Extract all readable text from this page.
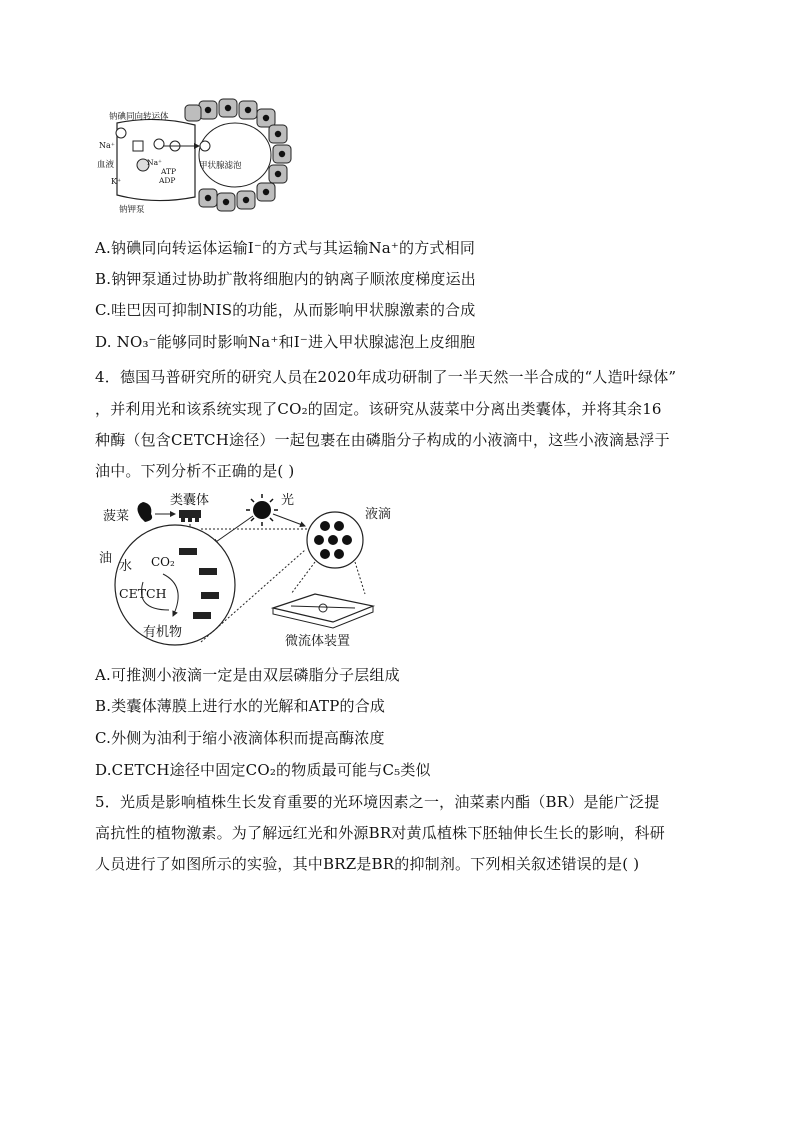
钠碘同向转运体
Na⁺
血液	Na⁺
ATP
ADP
K⁺
甲状腺滤泡
钠钾泵
A.钠碘同向转运体运输I⁻的方式与其运输Na⁺的方式相同
B.钠钾泵通过协助扩散将细胞内的钠离子顺浓度梯度运出
C.哇巴因可抑制NIS的功能，从而影响甲状腺激素的合成
D. NO₃⁻能够同时影响Na⁺和I⁻进入甲状腺滤泡上皮细胞
4．德国马普研究所的研究人员在2020年成功研制了一半天然一半合成的“人造叶绿体”
，并利用光和该系统实现了CO₂的固定。该研究从菠菜中分离出类囊体，并将其余16
种酶（包含CETCH途径）一起包裹在由磷脂分子构成的小液滴中，这些小液滴悬浮于
油中。下列分析不正确的是( )
菠菜
类囊体	光
油
水 CO₂
CETCH
有机物
液滴
微流体装置
A.可推测小液滴一定是由双层磷脂分子层组成
B.类囊体薄膜上进行水的光解和ATP的合成
C.外侧为油利于缩小液滴体积而提高酶浓度
D.CETCH途径中固定CO₂的物质最可能与C₅类似
5．光质是影响植株生长发育重要的光环境因素之一，油菜素内酯（BR）是能广泛提
高抗性的植物激素。为了解远红光和外源BR对黄瓜植株下胚轴伸长生长的影响，科研
人员进行了如图所示的实验，其中BRZ是BR的抑制剂。下列相关叙述错误的是( )
